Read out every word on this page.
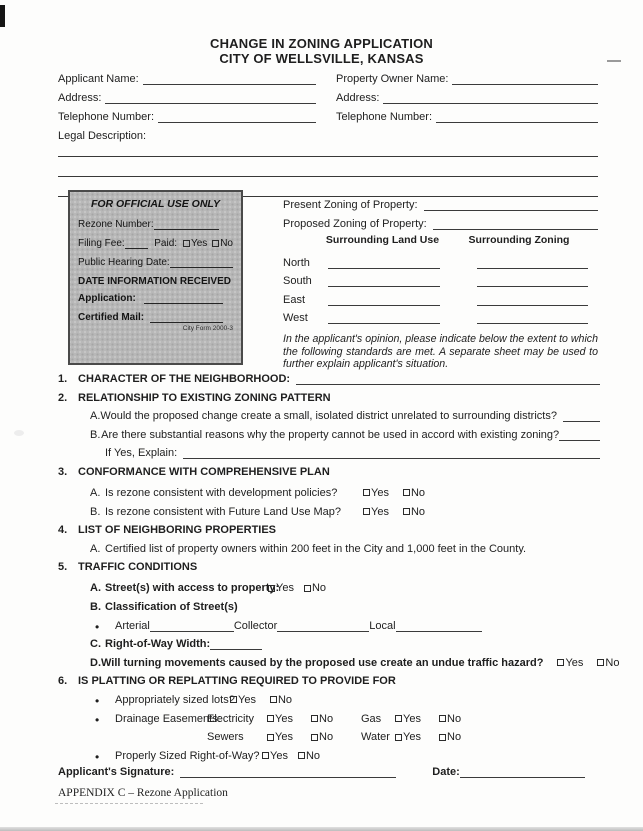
CHANGE IN ZONING APPLICATION
CITY OF WELLSVILLE, KANSAS
Applicant Name:	Property Owner Name:
Address:	Address:
Telephone Number:	Telephone Number:
Legal Description:
FOR OFFICIAL USE ONLY
Rezone Number:
Filing Fee:	Paid: Yes No
Public Hearing Date:
DATE INFORMATION RECEIVED
Application:
Certified Mail:
City Form 2000-3
Present Zoning of Property:
Proposed Zoning of Property:
Surrounding Land Use	Surrounding Zoning
North
South
East
West
In the applicant's opinion, please indicate below the extent to which the following standards are met. A separate sheet may be used to further explain applicant's situation.
1. CHARACTER OF THE NEIGHBORHOOD:
2. RELATIONSHIP TO EXISTING ZONING PATTERN
A. Would the proposed change create a small, isolated district unrelated to surrounding districts?
B. Are there substantial reasons why the property cannot be used in accord with existing zoning?
If Yes, Explain:
3. CONFORMANCE WITH COMPREHENSIVE PLAN
A. Is rezone consistent with development policies?	Yes No
B. Is rezone consistent with Future Land Use Map?	Yes No
4. LIST OF NEIGHBORING PROPERTIES
A. Certified list of property owners within 200 feet in the City and 1,000 feet in the County.
5. TRAFFIC CONDITIONS
A. Street(s) with access to property:
Yes No
B. Classification of Street(s)
•	Arterial	Collector	Local
C. Right-of-Way Width:
D. Will turning movements caused by the proposed use create an undue traffic hazard? Yes No
6. IS PLATTING OR REPLATTING REQUIRED TO PROVIDE FOR
•	Appropriately sized lots? Yes No
•	Drainage Easements:
Electricity	Yes No	Gas	Yes No

Sewers	Yes No	Water	Yes No
•	Properly Sized Right-of-Way? Yes No
Applicant's Signature:	Date:
APPENDIX C – Rezone Application
